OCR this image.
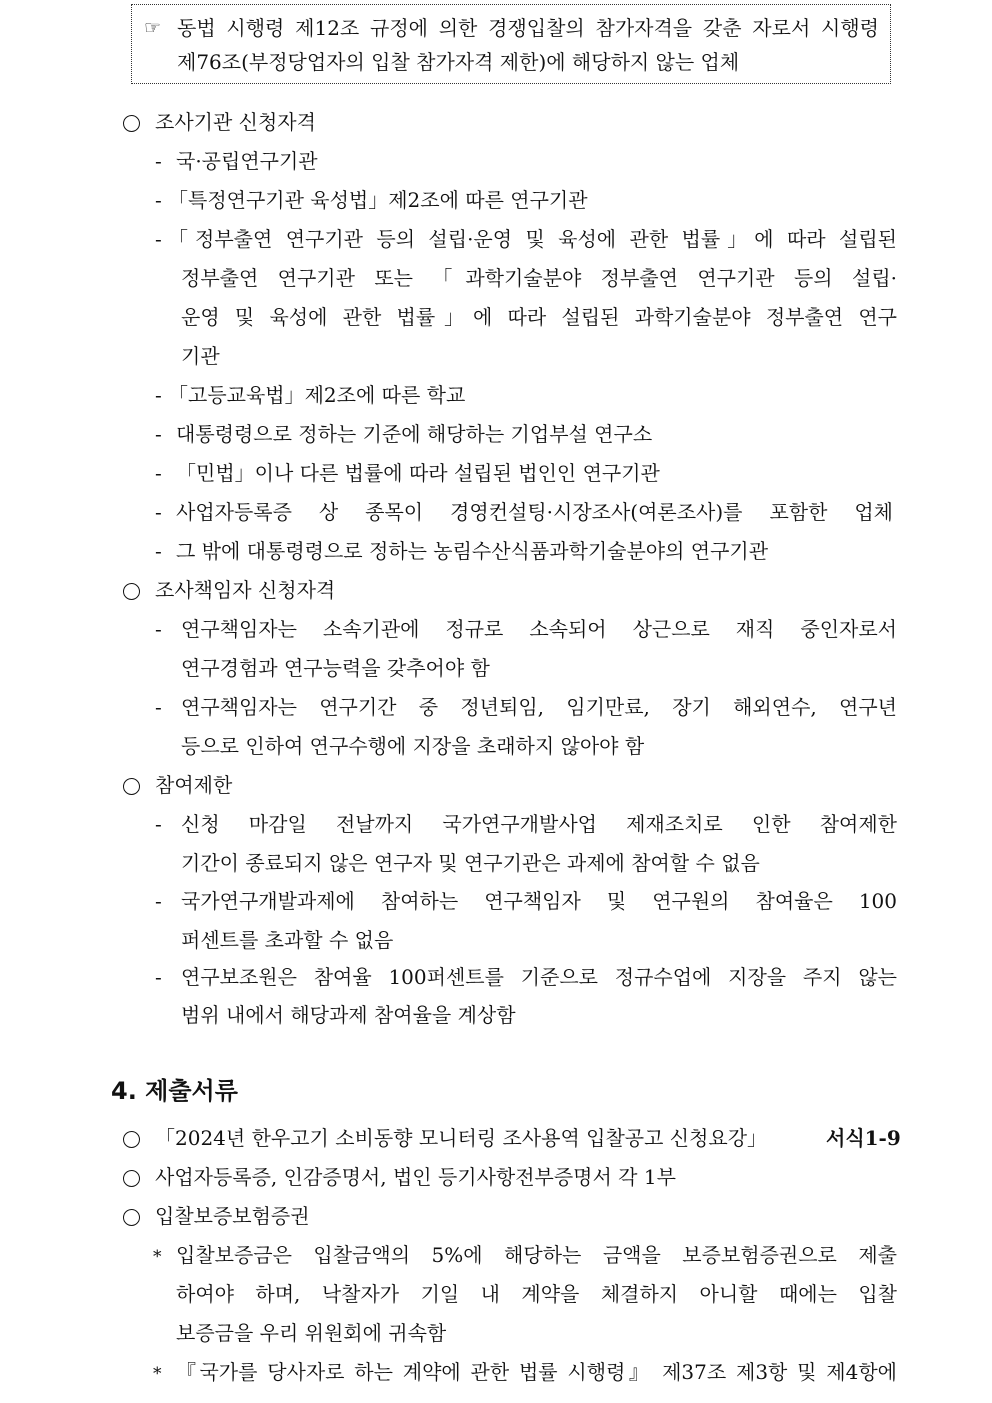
☞ 동법 시행령 제12조 규정에 의한 경쟁입찰의 참가자격을 갖춘 자로서 시행령
제76조(부정당업자의 입찰 참가자격 제한)에 해당하지 않는 업체
조사기관 신청자격
- 국·공립연구기관
- 「특정연구기관 육성법」제2조에 따른 연구기관
- 「정부출연 연구기관 등의 설립·운영 및 육성에 관한 법률」에 따라 설립된
정부출연 연구기관 또는 「과학기술분야 정부출연 연구기관 등의 설립·
운영 및 육성에 관한 법률」에 따라 설립된 과학기술분야 정부출연 연구
기관
- 「고등교육법」제2조에 따른 학교
- 대통령령으로 정하는 기준에 해당하는 기업부설 연구소
- 「민법」이나 다른 법률에 따라 설립된 법인인 연구기관
- 사업자등록증 상 종목이 경영컨설팅·시장조사(여론조사)를 포함한 업체
- 그 밖에 대통령령으로 정하는 농림수산식품과학기술분야의 연구기관
조사책임자 신청자격
- 연구책임자는 소속기관에 정규로 소속되어 상근으로 재직 중인자로서
연구경험과 연구능력을 갖추어야 함
- 연구책임자는 연구기간 중 정년퇴임, 임기만료, 장기 해외연수, 연구년
등으로 인하여 연구수행에 지장을 초래하지 않아야 함
참여제한
- 신청 마감일 전날까지 국가연구개발사업 제재조치로 인한 참여제한
기간이 종료되지 않은 연구자 및 연구기관은 과제에 참여할 수 없음
- 국가연구개발과제에 참여하는 연구책임자 및 연구원의 참여율은 100
퍼센트를 초과할 수 없음
- 연구보조원은 참여율 100퍼센트를 기준으로 정규수업에 지장을 주지 않는
범위 내에서 해당과제 참여율을 계상함
4. 제출서류
「2024년 한우고기 소비동향 모니터링 조사용역 입찰공고 신청요강」	서식1-9
사업자등록증, 인감증명서, 법인 등기사항전부증명서 각 1부
입찰보증보험증권
* 입찰보증금은 입찰금액의 5%에 해당하는 금액을 보증보험증권으로 제출
하여야 하며, 낙찰자가 기일 내 계약을 체결하지 아니할 때에는 입찰
보증금을 우리 위원회에 귀속함
* 『국가를 당사자로 하는 계약에 관한 법률 시행령』 제37조 제3항 및 제4항에
